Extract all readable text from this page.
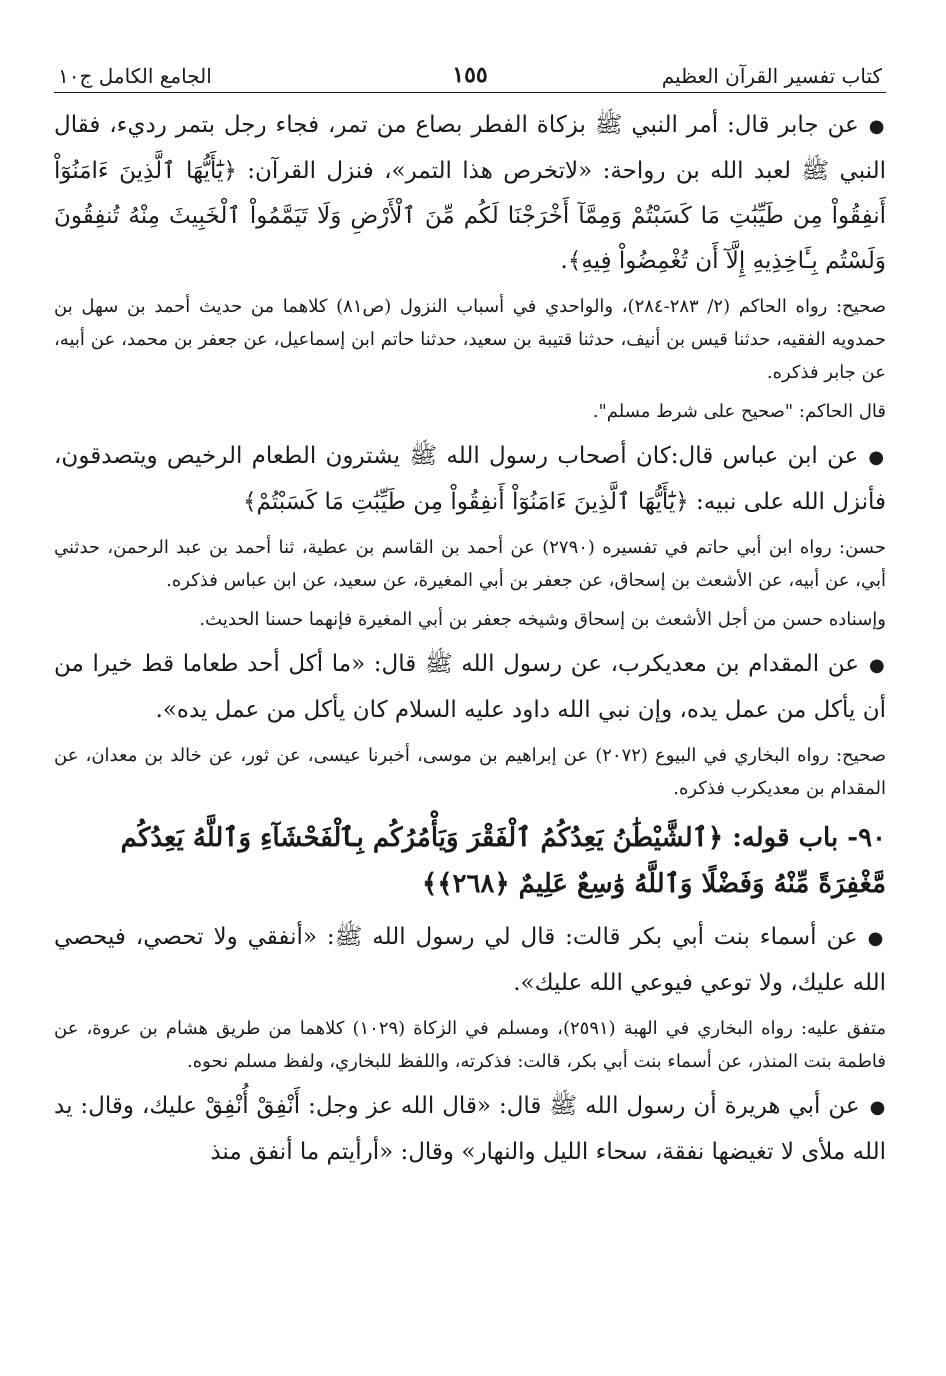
كتاب تفسير القرآن العظيم
١٥٥
الجامع الكامل ج١٠

●عن جابر قال: أمر النبي ﷺ بزكاة الفطر بصاع من تمر، فجاء رجل بتمر رديء، فقال النبي ﷺ لعبد الله بن رواحة: «لاتخرص هذا التمر»، فنزل القرآن: ﴿يَٰٓأَيُّهَا ٱلَّذِينَ ءَامَنُوٓاْ أَنفِقُواْ مِن طَيِّبَٰتِ مَا كَسَبْتُمْ وَمِمَّآ أَخْرَجْنَا لَكُم مِّنَ ٱلْأَرْضِ وَلَا تَيَمَّمُواْ ٱلْخَبِيثَ مِنْهُ تُنفِقُونَ وَلَسْتُم بِـَٔاخِذِيهِ إِلَّآ أَن تُغْمِضُواْ فِيهِ﴾.

صحيح: رواه الحاكم (٢/ ٢٨٣-٢٨٤)، والواحدي في أسباب النزول (ص٨١) كلاهما من حديث أحمد بن سهل بن حمدويه الفقيه، حدثنا قيس بن أنيف، حدثنا قتيبة بن سعيد، حدثنا حاتم ابن إسماعيل، عن جعفر بن محمد، عن أبيه، عن جابر فذكره.

قال الحاكم: "صحيح على شرط مسلم".

●عن ابن عباس قال:كان أصحاب رسول الله ﷺ يشترون الطعام الرخيص ويتصدقون، فأنزل الله على نبيه: ﴿يَٰٓأَيُّهَا ٱلَّذِينَ ءَامَنُوٓاْ أَنفِقُواْ مِن طَيِّبَٰتِ مَا كَسَبْتُمْ﴾

حسن: رواه ابن أبي حاتم في تفسيره (٢٧٩٠) عن أحمد بن القاسم بن عطية، ثنا أحمد بن عبد الرحمن، حدثني أبي، عن أبيه، عن الأشعث بن إسحاق، عن جعفر بن أبي المغيرة، عن سعيد، عن ابن عباس فذكره.

وإسناده حسن من أجل الأشعث بن إسحاق وشيخه جعفر بن أبي المغيرة فإنهما حسنا الحديث.

●عن المقدام بن معديكرب، عن رسول الله ﷺ قال: «ما أكل أحد طعاما قط خيرا من أن يأكل من عمل يده، وإن نبي الله داود عليه السلام كان يأكل من عمل يده».

صحيح: رواه البخاري في البيوع (٢٠٧٢) عن إبراهيم بن موسى، أخبرنا عيسى، عن ثور، عن خالد بن معدان، عن المقدام بن معديكرب فذكره.

٩٠- باب قوله: ﴿ٱلشَّيْطَٰنُ يَعِدُكُمُ ٱلْفَقْرَ وَيَأْمُرُكُم بِٱلْفَحْشَآءِ وَٱللَّهُ يَعِدُكُم مَّغْفِرَةً مِّنْهُ وَفَضْلًا وَٱللَّهُ وَٰسِعٌ عَلِيمٌ ﴿٢٦٨﴾﴾

●عن أسماء بنت أبي بكر قالت: قال لي رسول الله ﷺ: «أنفقي ولا تحصي، فيحصي الله عليك، ولا توعي فيوعي الله عليك».

متفق عليه: رواه البخاري في الهبة (٢٥٩١)، ومسلم في الزكاة (١٠٢٩) كلاهما من طريق هشام بن عروة، عن فاطمة بنت المنذر، عن أسماء بنت أبي بكر، قالت: فذكرته، واللفظ للبخاري، ولفظ مسلم نحوه.

●عن أبي هريرة أن رسول الله ﷺ قال: «قال الله عز وجل: أَنْفِقْ أُنْفِقْ عليك، وقال: يد الله ملأى لا تغيضها نفقة، سحاء الليل والنهار» وقال: «أرأيتم ما أنفق منذ
